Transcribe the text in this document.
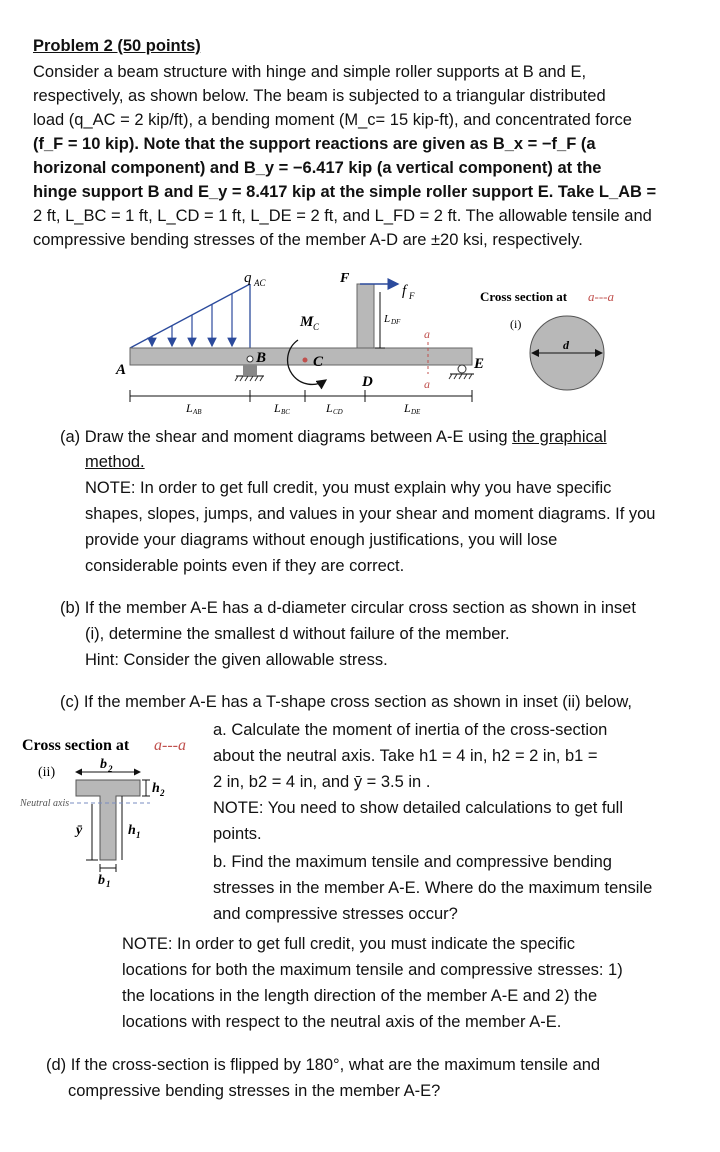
Problem 2 (50 points)
Consider a beam structure with hinge and simple roller supports at B and E,
respectively, as shown below. The beam is subjected to a triangular distributed
load (q_AC = 2 kip/ft), a bending moment (M_c= 15 kip-ft), and concentrated force
(f_F = 10 kip). Note that the support reactions are given as B_x = −f_F (a
horizonal component) and B_y = −6.417 kip (a vertical component) at the
hinge support B and E_y = 8.417 kip at the simple roller support E. Take L_AB =
2 ft, L_BC = 1 ft, L_CD = 1 ft, L_DE = 2 ft, and L_FD = 2 ft. The allowable tensile and
compressive bending stresses of the member A-D are ±20 ksi, respectively.
q AC	F
f F
L DF
a
a
M C
C
B	E
A
D
L AB	L BC	L CD	L DE
Cross section at a---a
(i)
d
(a) Draw the shear and moment diagrams between A-E using the graphical
method.
NOTE: In order to get full credit, you must explain why you have specific
shapes, slopes, jumps, and values in your shear and moment diagrams. If you
provide your diagrams without enough justifications, you will lose
considerable points even if they are correct.
(b) If the member A-E has a d-diameter circular cross section as shown in inset
(i), determine the smallest d without failure of the member.
Hint: Consider the given allowable stress.
(c) If the member A-E has a T-shape cross section as shown in inset (ii) below,
Cross section at a---a
(ii)
b 2
h 2
h 1
Neutral axis
ȳ
b 1
a. Calculate the moment of inertia of the cross-section
about the neutral axis. Take h1 = 4 in, h2 = 2 in, b1 =
2 in, b2 = 4 in, and ȳ = 3.5 in .
NOTE: You need to show detailed calculations to get full
points.
b. Find the maximum tensile and compressive bending
stresses in the member A-E. Where do the maximum tensile
and compressive stresses occur?
NOTE: In order to get full credit, you must indicate the specific
locations for both the maximum tensile and compressive stresses: 1)
the locations in the length direction of the member A-E and 2) the
locations with respect to the neutral axis of the member A-E.
(d) If the cross-section is flipped by 180°, what are the maximum tensile and
compressive bending stresses in the member A-E?
